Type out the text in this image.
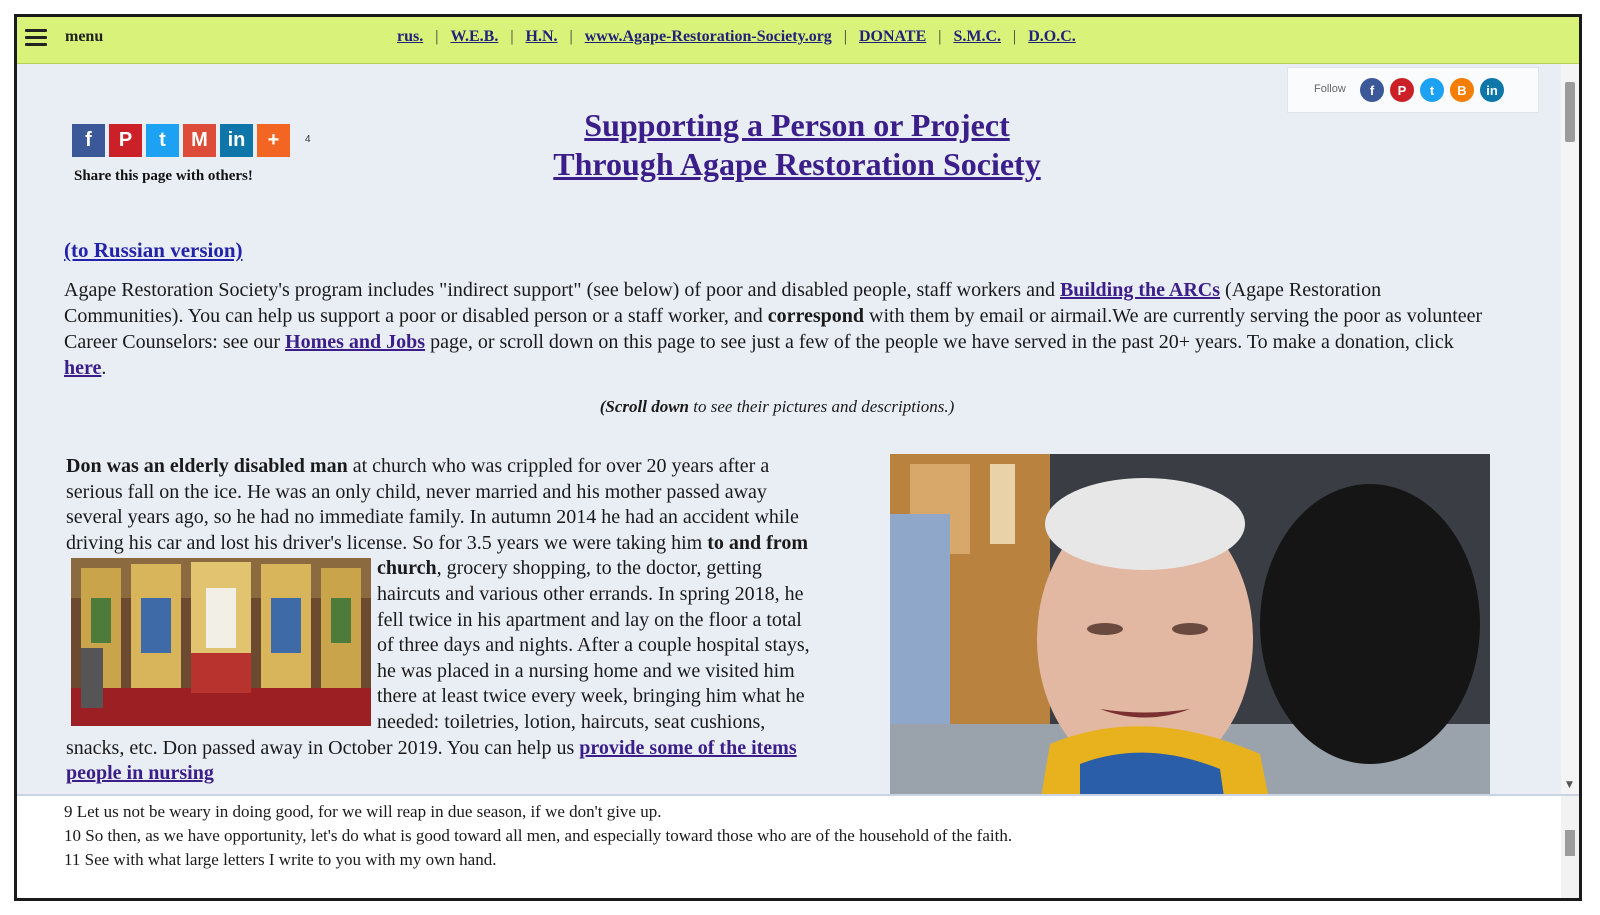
menu	rus. | W.E.B. | H.N. | www.Agape-Restoration-Society.org | DONATE | S.M.C. | D.O.C.
f	P	t	M in	+	4
Share this page with others!
Follow	f	P	t	B	in
Supporting a Person or Project
Through Agape Restoration Society
(to Russian version)
Agape Restoration Society's program includes "indirect support" (see below) of poor and disabled people, staff workers and Building the ARCs (Agape Restoration Communities). You can help us support a poor or disabled person or a staff worker, and correspond with them by email or airmail.We are currently serving the poor as volunteer Career Counselors: see our Homes and Jobs page, or scroll down on this page to see just a few of the people we have served in the past 20+ years. To make a donation, click here.
(Scroll down to see their pictures and descriptions.)
Don was an elderly disabled man at church who was crippled for over 20 years after a serious fall on the ice. He was an only child, never married and his mother passed away several years ago, so he had no immediate family. In autumn 2014 he had an accident while driving his car and lost his driver's license. So for 3.5 years we were taking him
to and from church, grocery shopping, to the doctor, getting haircuts and various other errands. In spring 2018, he fell twice in his apartment and lay on the floor a total of three days and nights. After a couple hospital stays, he was placed in a nursing home and we visited him there at least twice every week, bringing him what he needed: toiletries, lotion, haircuts, seat cushions, snacks, etc. Don passed away in October 2019. You can help us provide some of the items people in nursing
▼
9 Let us not be weary in doing good, for we will reap in due season, if we don't give up.
10 So then, as we have opportunity, let's do what is good toward all men, and especially toward those who are of the household of the faith.
11 See with what large letters I write to you with my own hand.
